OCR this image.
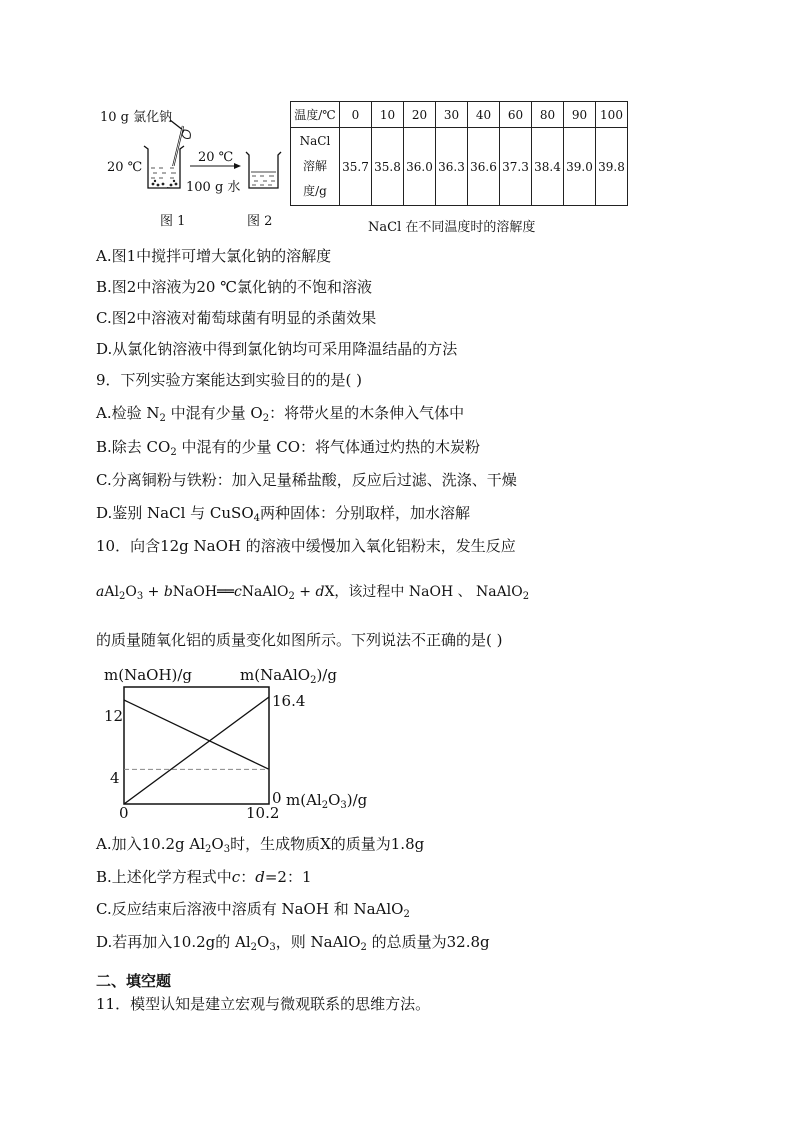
10 g 氯化钠
20 ℃
20 ℃
100 g 水
图 1	图 2
温度/℃	0	10	20	30	40	60	80	90	100

NaCl
溶解
度/g	35.7	35.8	36.0	36.3	36.6	37.3	38.4	39.0	39.8
NaCl 在不同温度时的溶解度
A.图1中搅拌可增大氯化钠的溶解度
B.图2中溶液为20 ℃氯化钠的不饱和溶液
C.图2中溶液对葡萄球菌有明显的杀菌效果
D.从氯化钠溶液中得到氯化钠均可采用降温结晶的方法
9．下列实验方案能达到实验目的的是( )
A.检验 $N_2$ 中混有少量 $O_2$：将带火星的木条伸入气体中
B.除去 $CO_2$ 中混有的少量 CO：将气体通过灼热的木炭粉
C.分离铜粉与铁粉：加入足量稀盐酸，反应后过滤、洗涤、干燥
D.鉴别 NaCl 与 CuSO$_4$两种固体：分别取样，加水溶解
10．向含12g NaOH 的溶液中缓慢加入氧化铝粉末，发生反应
$aAl_2O_3$ + bNaOH══cNaAlO$_2$ + dX，该过程中 NaOH 、 NaAlO$_2$
的质量随氧化铝的质量变化如图所示。下列说法不正确的是( )
m(NaOH)/g	m(NaAlO$_2$)/g
16.4
12
4
0
0
10.2
$m(Al_2O_3)/g$
A.加入10.2g $Al_2O_3$时，生成物质X的质量为1.8g
B.上述化学方程式中c：d=2：1
C.反应结束后溶液中溶质有 NaOH 和 NaAlO$_2$
D.若再加入10.2g的 $Al_2O_3$，则 NaAlO$_2$ 的总质量为32.8g
二、填空题
11．模型认知是建立宏观与微观联系的思维方法。
